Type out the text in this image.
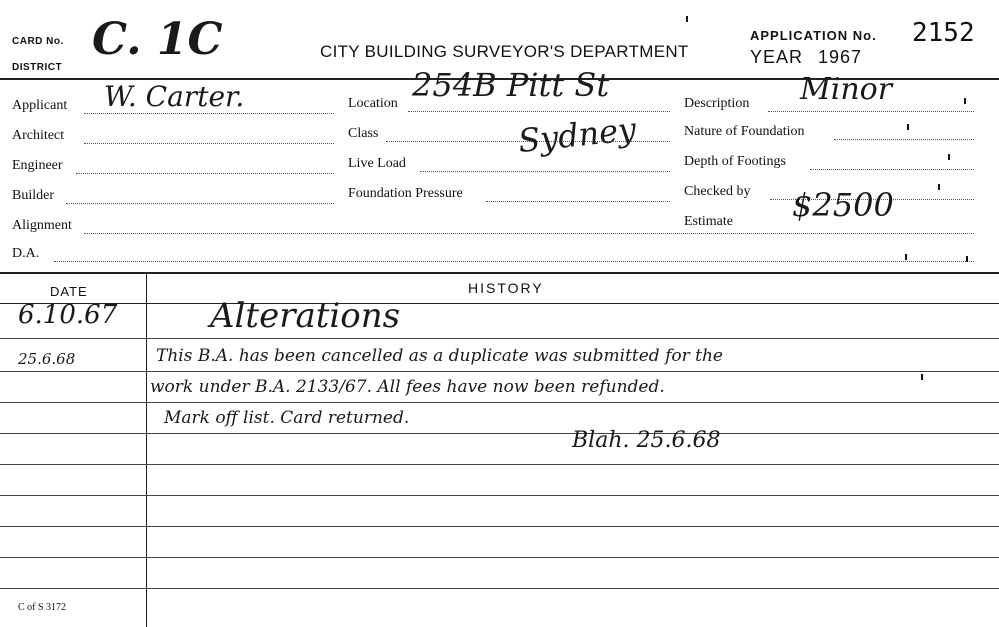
CARD No.
DISTRICT
C. 1C	CITY BUILDING SURVEYOR'S DEPARTMENT
APPLICATION No. 2152
YEAR 1967
Applicant W. Carter.
Architect
Engineer
Builder
Alignment
D.A.
Location 254B Pitt St
Class	Sydney
Live Load
Foundation Pressure
Description Minor
Nature of Foundation
Depth of Footings
Checked by
Estimate $2500
DATE	HISTORY
6.10.67	Alterations
25.6.68	This B.A. has been cancelled as a duplicate was submitted for the
work under B.A. 2133/67. All fees have now been refunded.
Mark off list. Card returned.
Blah. 25.6.68
C of S 3172
